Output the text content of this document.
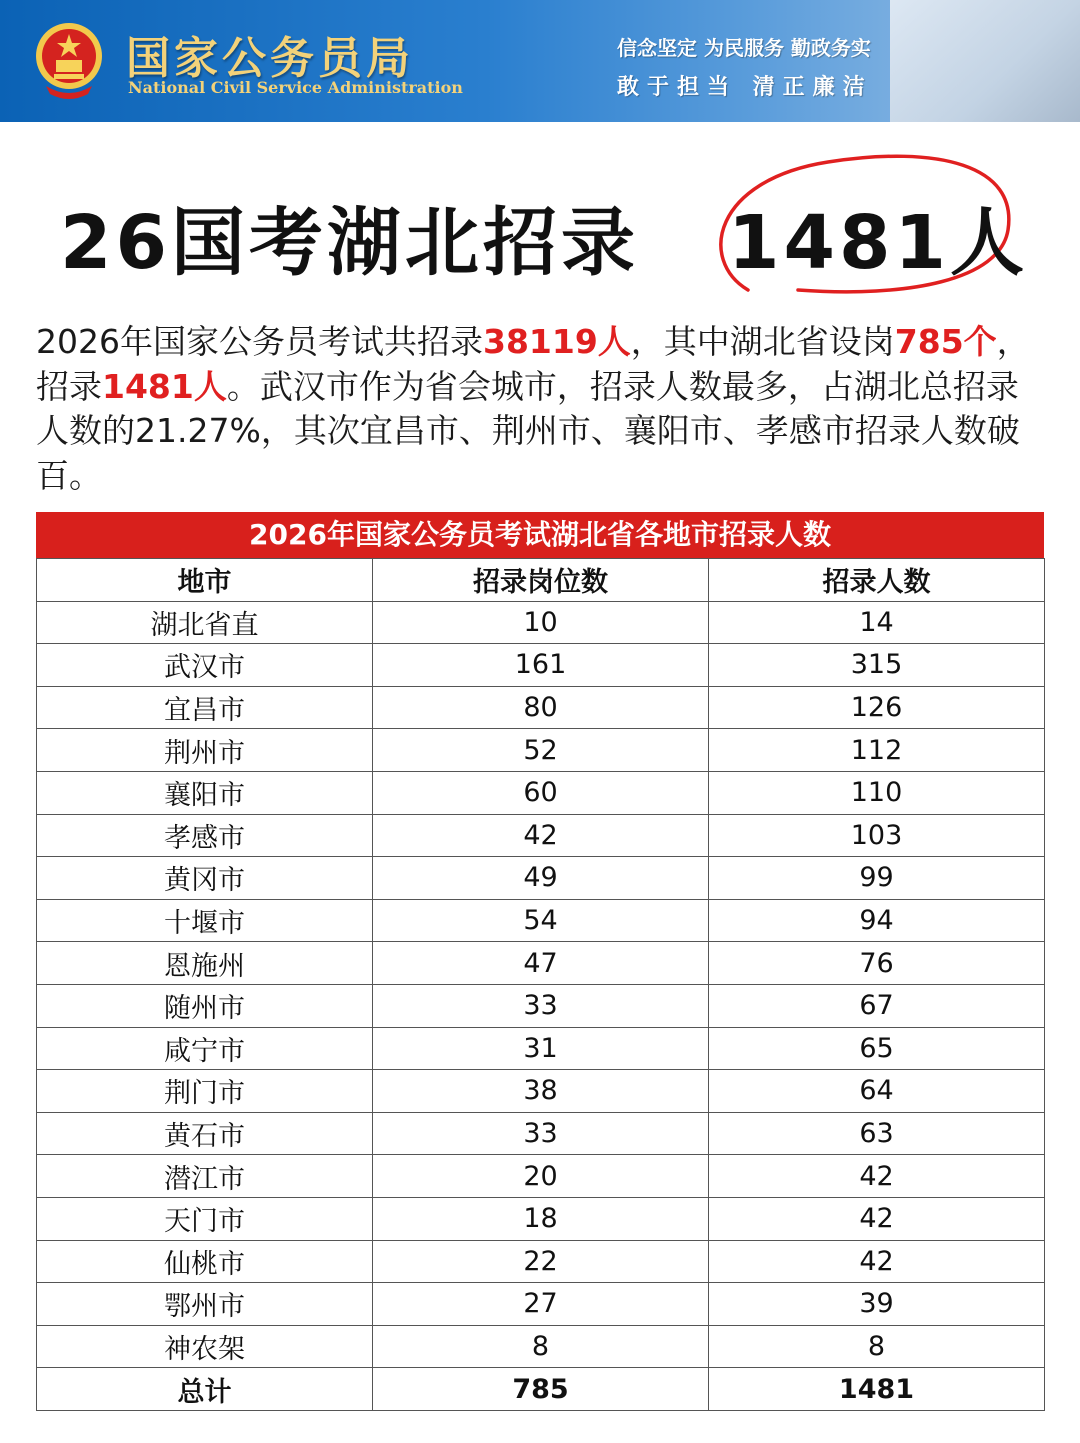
国家公务员局
National Civil Service Administration
信念坚定 为民服务 勤政务实
敢于担当 清正廉洁
26国考湖北招录 1481人
2026年国家公务员考试共招录38119人，其中湖北省设岗785个，招录1481人。武汉市作为省会城市，招录人数最多，占湖北总招录人数的21.27%，其次宜昌市、荆州市、襄阳市、孝感市招录人数破百。
2026年国家公务员考试湖北省各地市招录人数
地市	招录岗位数	招录人数
湖北省直	10	14
武汉市	161	315
宜昌市	80	126
荆州市	52	112
襄阳市	60	110
孝感市	42	103
黄冈市	49	99
十堰市	54	94
恩施州	47	76
随州市	33	67
咸宁市	31	65
荆门市	38	64
黄石市	33	63
潜江市	20	42
天门市	18	42
仙桃市	22	42
鄂州市	27	39
神农架	8	8
总计	785	1481
